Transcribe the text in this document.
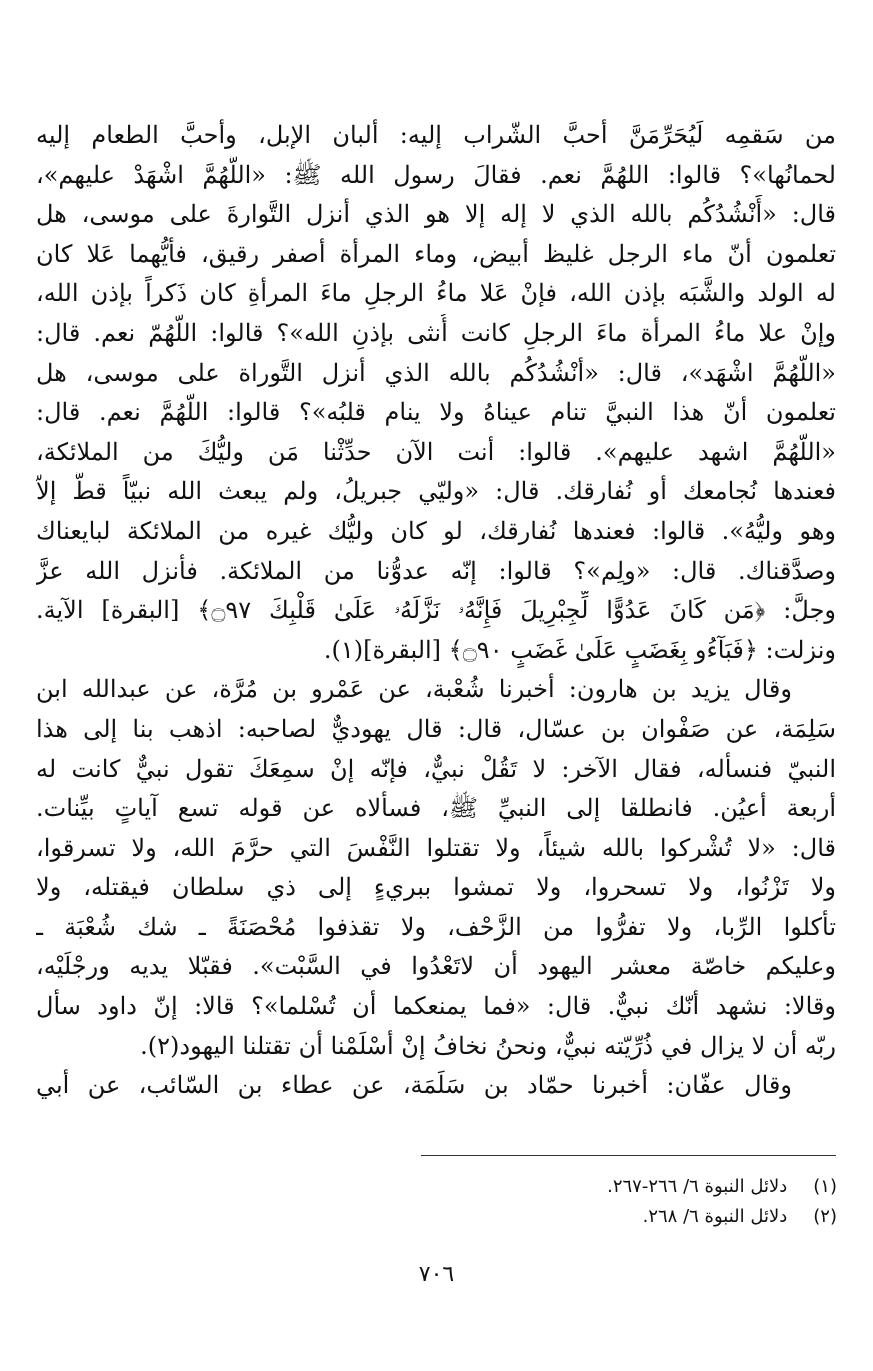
من سَقمِه لَيُحَرِّمَنَّ أحبَّ الشّراب إليه: ألبان الإبل، وأحبَّ الطعام إليه
لحمانُها»؟ قالوا: اللهُمَّ نعم. فقالَ رسول الله ﷺ: «اللَّهُمَّ اشْهَدْ عليهم»،
قال: «أَنْشُدُكُم بالله الذي لا إله إلا هو الذي أنزل التَّوارةَ على موسى، هل
تعلمون أنّ ماء الرجل غليظ أبيض، وماء المرأة أصفر رقيق، فأيُّهما عَلا كان
له الولد والشَّبَه بإذن الله، فإنْ عَلا ماءُ الرجلِ ماءَ المرأةِ كان ذَكراً بإذن الله،
وإنْ علا ماءُ المرأة ماءَ الرجلِ كانت أُنثى بإذنِ الله»؟ قالوا: اللّهُمّ نعم. قال:
«اللّهُمَّ اشْهَد»، قال: «أنْشُدُكُم بالله الذي أنزل التَّوراة على موسى، هل
تعلمون أنّ هذا النبيَّ تنام عيناهُ ولا ينام قلبُه»؟ قالوا: اللّهُمَّ نعم. قال:
«اللّهُمَّ اشهد عليهم». قالوا: أنت الآن حدِّثْنا مَن وليُّكَ من الملائكة،
فعندها نُجامعك أو نُفارقك. قال: «وليّي جبريلُ، ولم يبعث الله نبيّاً قطُّ إلاّ
وهو وليُّهُ». قالوا: فعندها نُفارقك، لو كان وليُّك غيره من الملائكة لبايعناك
وصدَّقناك. قال: «ولِم»؟ قالوا: إنّه عدوُّنا من الملائكة. فأنزل الله عزَّ
وجلَّ: ﴿مَن كَانَ عَدُوًّا لِّجِبْرِيلَ فَإِنَّهُۥ نَزَّلَهُۥ عَلَىٰ قَلْبِكَ ۝٩٧﴾ [البقرة] الآية.
ونزلت: ﴿فَبَآءُو بِغَضَبٍ عَلَىٰ غَضَبٍ ۝٩٠﴾ [البقرة](١).
وقال يزيد بن هارون: أخبرنا شُعْبة، عن عَمْرو بن مُرَّة، عن عبدالله ابن
سَلِمَة، عن صَفْوان بن عسّال، قال: قال يهوديٌّ لصاحبه: اذهب بنا إلى هذا
النبيّ فنسأله، فقال الآخر: لا تَقُلْ نبيٌّ، فإنّه إنْ سمِعَكَ تقول نبيٌّ كانت له
أربعة أعيُن. فانطلقا إلى النبيِّ ﷺ، فسألاه عن قوله تسع آياتٍ بيِّنات.
قال: «لا تُشْركوا بالله شيئاً، ولا تقتلوا النَّفْسَ التي حرَّمَ الله، ولا تسرقوا،
ولا تَزْنُوا، ولا تسحروا، ولا تمشوا ببريءٍ إلى ذي سلطان فيقتله، ولا
تأكلوا الرِّبا، ولا تفرُّوا من الزَّحْف، ولا تقذفوا مُحْصَنَةً ـ شك شُعْبَة ـ
وعليكم خاصّة معشر اليهود أن لاتَعْدُوا في السَّبْت». فقبّلا يديه ورجْلَيْه،
وقالا: نشهد أنّك نبيٌّ. قال: «فما يمنعكما أن تُسْلما»؟ قالا: إنّ داود سأل
ربّه أن لا يزال في ذُرِّيّته نبيٌّ، ونحنُ نخافُ إنْ أسْلَمْنا أن تقتلنا اليهود(٢).
وقال عفّان: أخبرنا حمّاد بن سَلَمَة، عن عطاء بن السّائب، عن أبي
(١) دلائل النبوة ٦/ ٢٦٦-٢٦٧.
(٢) دلائل النبوة ٦/ ٢٦٨.
٧٠٦
